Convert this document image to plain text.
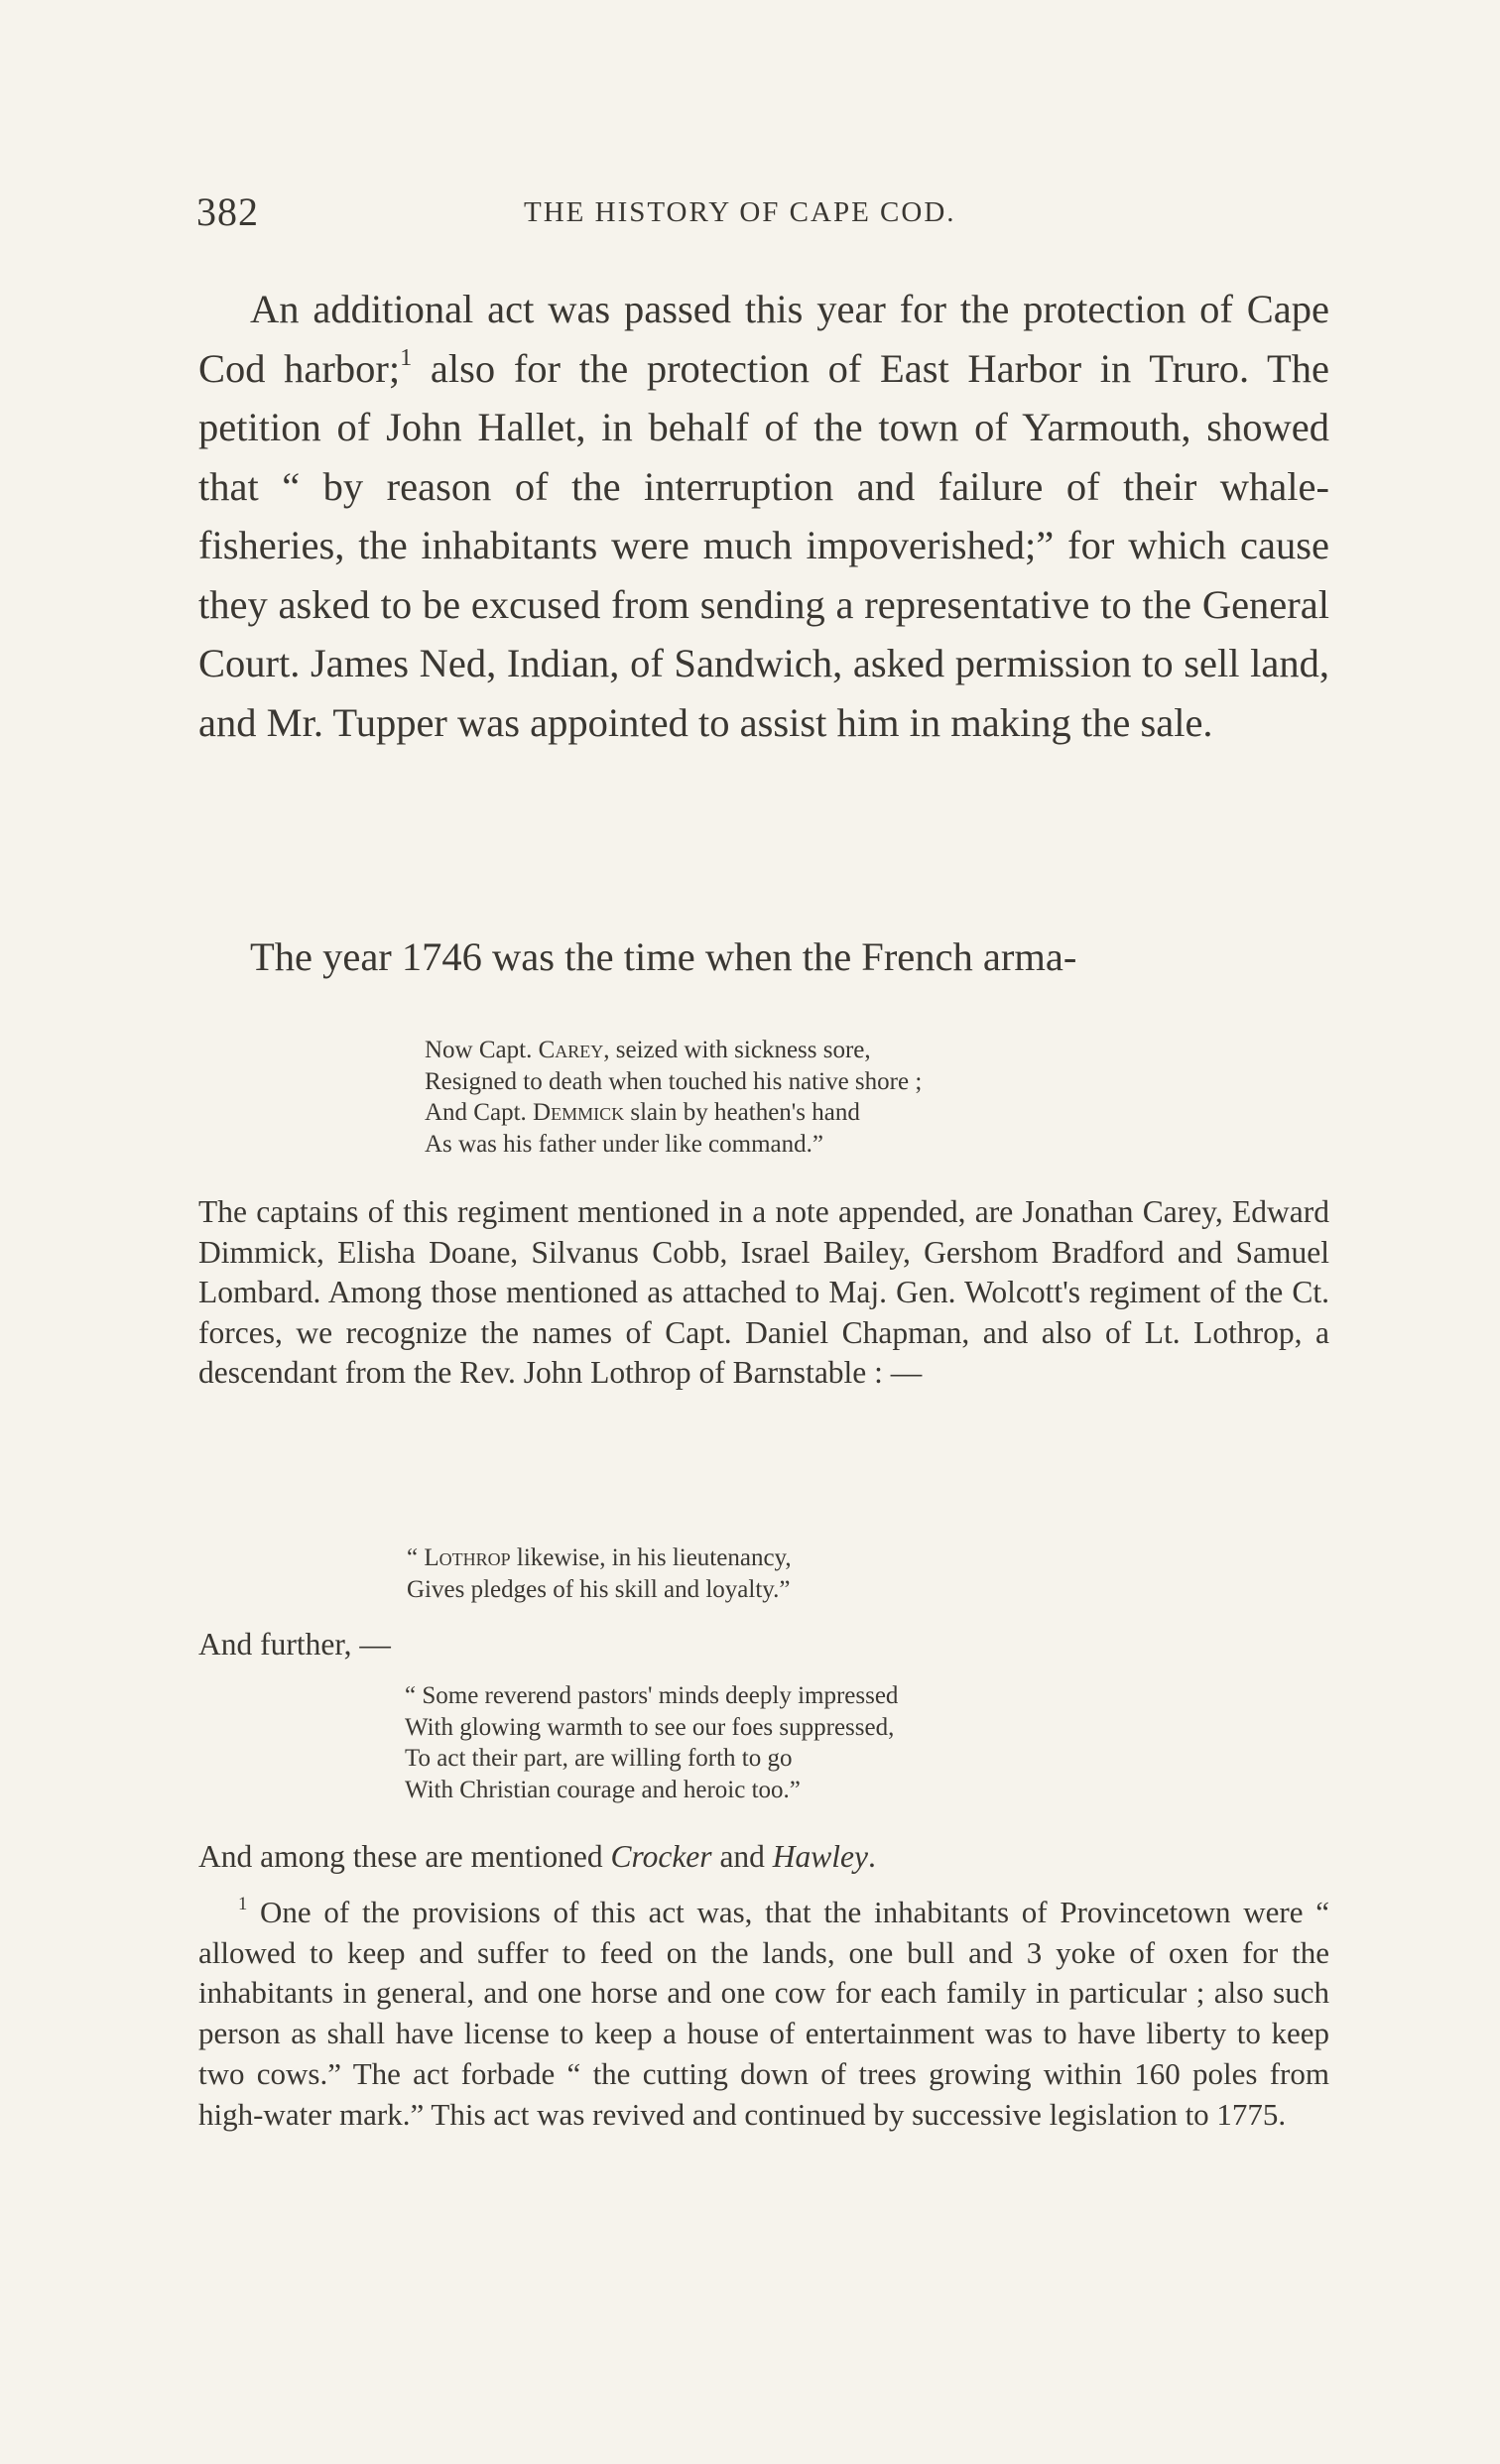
382	THE HISTORY OF CAPE COD.

An additional act was passed this year for the protection of Cape Cod harbor;$^1$ also for the protection of East Harbor in Truro. The petition of John Hallet, in behalf of the town of Yarmouth, showed that “ by reason of the interruption and failure of their whale-fisheries, the inhabitants were much impoverished;” for which cause they asked to be excused from sending a representative to the General Court. James Ned, Indian, of Sandwich, asked permission to sell land, and Mr. Tupper was appointed to assist him in making the sale.

The year 1746 was the time when the French arma-

Now Capt. Carey, seized with sickness sore,
Resigned to death when touched his native shore ;
And Capt. Demmick slain by heathen's hand
As was his father under like command.”

The captains of this regiment mentioned in a note appended, are Jonathan Carey, Edward Dimmick, Elisha Doane, Silvanus Cobb, Israel Bailey, Gershom Bradford and Samuel Lombard. Among those mentioned as attached to Maj. Gen. Wolcott's regiment of the Ct. forces, we recognize the names of Capt. Daniel Chapman, and also of Lt. Lothrop, a descendant from the Rev. John Lothrop of Barnstable : —

“ Lothrop likewise, in his lieutenancy,
Gives pledges of his skill and loyalty.”

And further, —

“ Some reverend pastors' minds deeply impressed
With glowing warmth to see our foes suppressed,
To act their part, are willing forth to go
With Christian courage and heroic too.”

And among these are mentioned Crocker and Hawley.

$^1$ One of the provisions of this act was, that the inhabitants of Provincetown were “ allowed to keep and suffer to feed on the lands, one bull and 3 yoke of oxen for the inhabitants in general, and one horse and one cow for each family in particular ; also such person as shall have license to keep a house of entertainment was to have liberty to keep two cows.” The act forbade “ the cutting down of trees growing within 160 poles from high-water mark.” This act was revived and continued by successive legislation to 1775.
